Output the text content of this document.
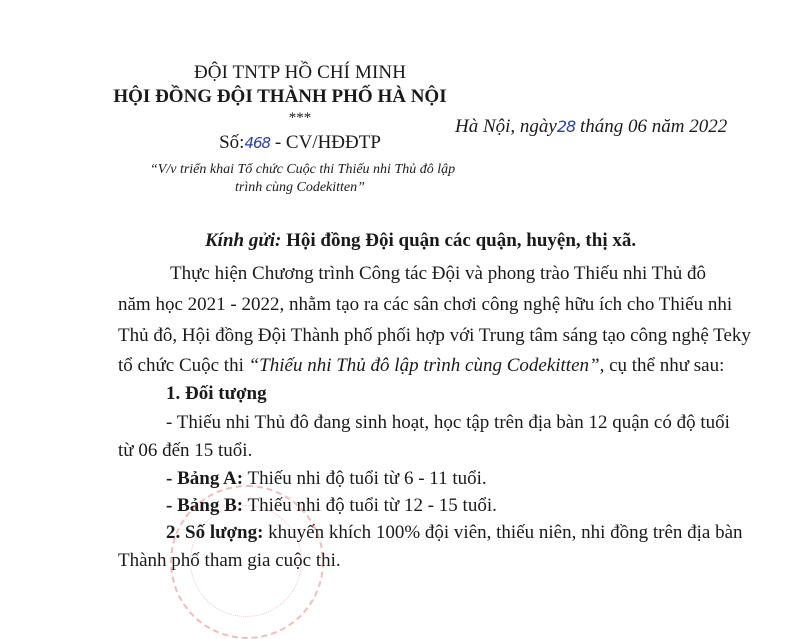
ĐỘI TNTP HỒ CHÍ MINH
HỘI ĐỒNG ĐỘI THÀNH PHỐ HÀ NỘI
***
Số:468 - CV/HĐĐTP
“V/v triển khai Tổ chức Cuộc thi Thiếu nhi Thủ đô lập
trình cùng Codekitten”
Hà Nội, ngày28 tháng 06 năm 2022
Kính gửi: Hội đồng Đội quận các quận, huyện, thị xã.
Thực hiện Chương trình Công tác Đội và phong trào Thiếu nhi Thủ đô
năm học 2021 - 2022, nhằm tạo ra các sân chơi công nghệ hữu ích cho Thiếu nhi
Thủ đô, Hội đồng Đội Thành phố phối hợp với Trung tâm sáng tạo công nghệ Teky
tổ chức Cuộc thi “Thiếu nhi Thủ đô lập trình cùng Codekitten”, cụ thể như sau:
1. Đối tượng
- Thiếu nhi Thủ đô đang sinh hoạt, học tập trên địa bàn 12 quận có độ tuổi
từ 06 đến 15 tuổi.
- Bảng A: Thiếu nhi độ tuổi từ 6 - 11 tuổi.
- Bảng B: Thiếu nhi độ tuổi từ 12 - 15 tuổi.
2. Số lượng: khuyến khích 100% đội viên, thiếu niên, nhi đồng trên địa bàn
Thành phố tham gia cuộc thi.
